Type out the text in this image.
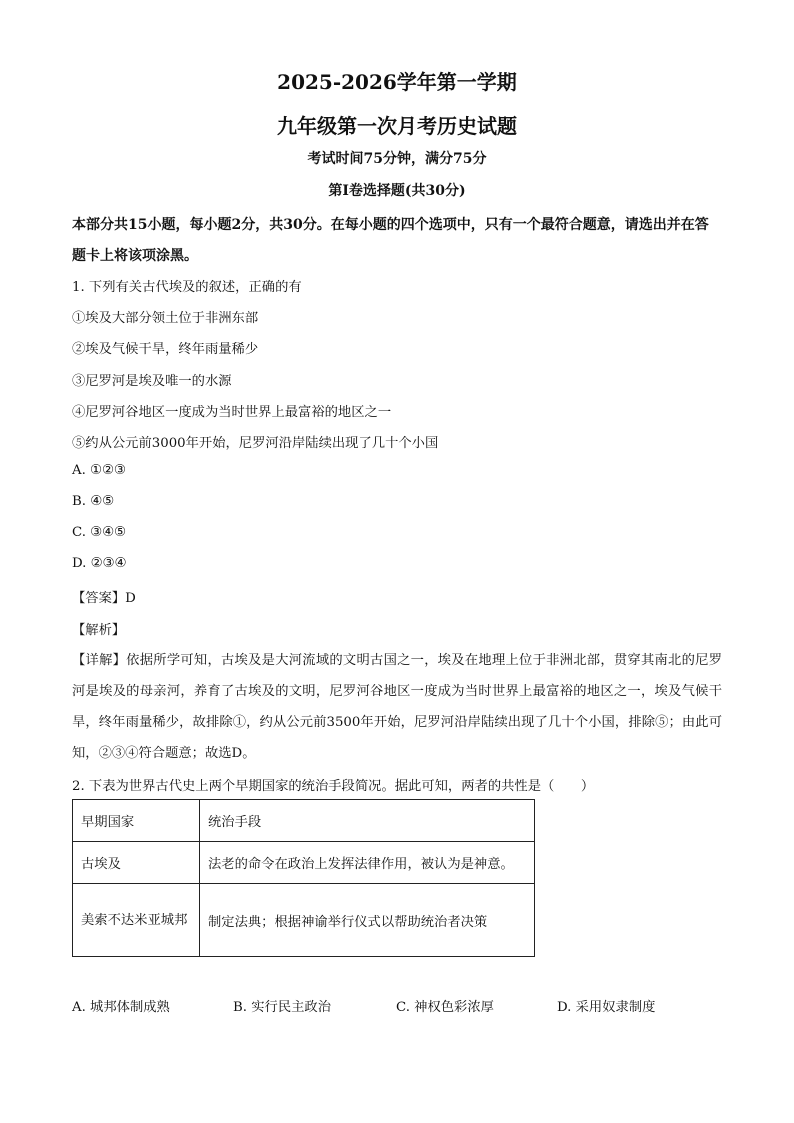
2025-2026学年第一学期
九年级第一次月考历史试题
考试时间75分钟，满分75分
第Ⅰ卷选择题(共30分)
本部分共15小题，每小题2分，共30分。在每小题的四个选项中，只有一个最符合题意，请选出并在答题卡上将该项涂黑。
1. 下列有关古代埃及的叙述，正确的有
①埃及大部分领土位于非洲东部
②埃及气候干旱，终年雨量稀少
③尼罗河是埃及唯一的水源
④尼罗河谷地区一度成为当时世界上最富裕的地区之一
⑤约从公元前3000年开始，尼罗河沿岸陆续出现了几十个小国
A. ①②③
B. ④⑤
C. ③④⑤
D. ②③④
【答案】D
【解析】
【详解】依据所学可知，古埃及是大河流域的文明古国之一，埃及在地理上位于非洲北部，贯穿其南北的尼罗河是埃及的母亲河，养育了古埃及的文明，尼罗河谷地区一度成为当时世界上最富裕的地区之一，埃及气候干旱，终年雨量稀少，故排除①，约从公元前3500年开始，尼罗河沿岸陆续出现了几十个小国，排除⑤；由此可知，②③④符合题意；故选D。
2. 下表为世界古代史上两个早期国家的统治手段简况。据此可知，两者的共性是（　　）
早期国家	统治手段
古埃及	法老的命令在政治上发挥法律作用，被认为是神意。
美索不达米亚城邦	制定法典；根据神谕举行仪式以帮助统治者决策
A. 城邦体制成熟	B. 实行民主政治	C. 神权色彩浓厚	D. 采用奴隶制度
